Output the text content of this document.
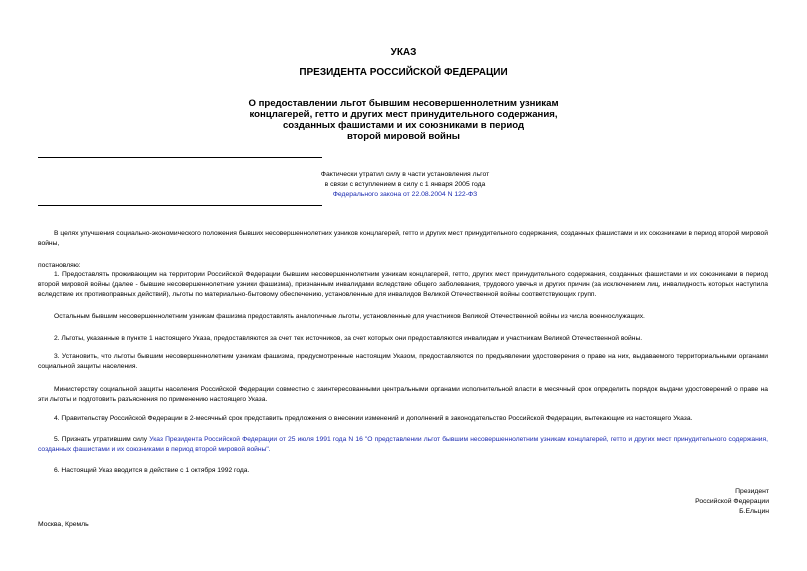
УКАЗ
ПРЕЗИДЕНТА РОССИЙСКОЙ ФЕДЕРАЦИИ
О предоставлении льгот бывшим несовершеннолетним узникам
концлагерей, гетто и других мест принудительного содержания,
созданных фашистами и их союзниками в период
второй мировой войны
Фактически утратил силу в части установления льгот
в связи с вступлением в силу с 1 января 2005 года
Федерального закона от 22.08.2004 N 122-ФЗ
В целях улучшения социально-экономического положения бывших несовершеннолетних узников концлагерей, гетто и других мест принудительного содержания, созданных фашистами и их союзниками в период второй мировой войны,
постановляю:
1. Предоставлять проживающим на территории Российской Федерации бывшим несовершеннолетним узникам концлагерей, гетто, других мест принудительного содержания, созданных фашистами и их союзниками в период второй мировой войны (далее - бывшие несовершеннолетние узники фашизма), признанным инвалидами вследствие общего заболевания, трудового увечья и других причин (за исключением лиц, инвалидность которых наступила вследствие их противоправных действий), льготы по материально-бытовому обеспечению, установленные для инвалидов Великой Отечественной войны соответствующих групп.
Остальным бывшим несовершеннолетним узникам фашизма предоставлять аналогичные льготы, установленные для участников Великой Отечественной войны из числа военнослужащих.
2. Льготы, указанные в пункте 1 настоящего Указа, предоставляются за счет тех источников, за счет которых они предоставляются инвалидам и участникам Великой Отечественной войны.
3. Установить, что льготы бывшим несовершеннолетним узникам фашизма, предусмотренные настоящим Указом, предоставляются по предъявлении удостоверения о праве на них, выдаваемого территориальными органами социальной защиты населения.
Министерству социальной защиты населения Российской Федерации совместно с заинтересованными центральными органами исполнительной власти в месячный срок определить порядок выдачи удостоверений о праве на эти льготы и подготовить разъяснения по применению настоящего Указа.
4. Правительству Российской Федерации в 2-месячный срок представить предложения о внесении изменений и дополнений в законодательство Российской Федерации, вытекающие из настоящего Указа.
5. Признать утратившим силу Указ Президента Российской Федерации от 25 июля 1991 года N 16 "О представлении льгот бывшим несовершеннолетним узникам концлагерей, гетто и других мест принудительного содержания, созданных фашистами и их союзниками в период второй мировой войны".
6. Настоящий Указ вводится в действие с 1 октября 1992 года.
Президент
Российской Федерации
Б.Ельцин
Москва, Кремль
